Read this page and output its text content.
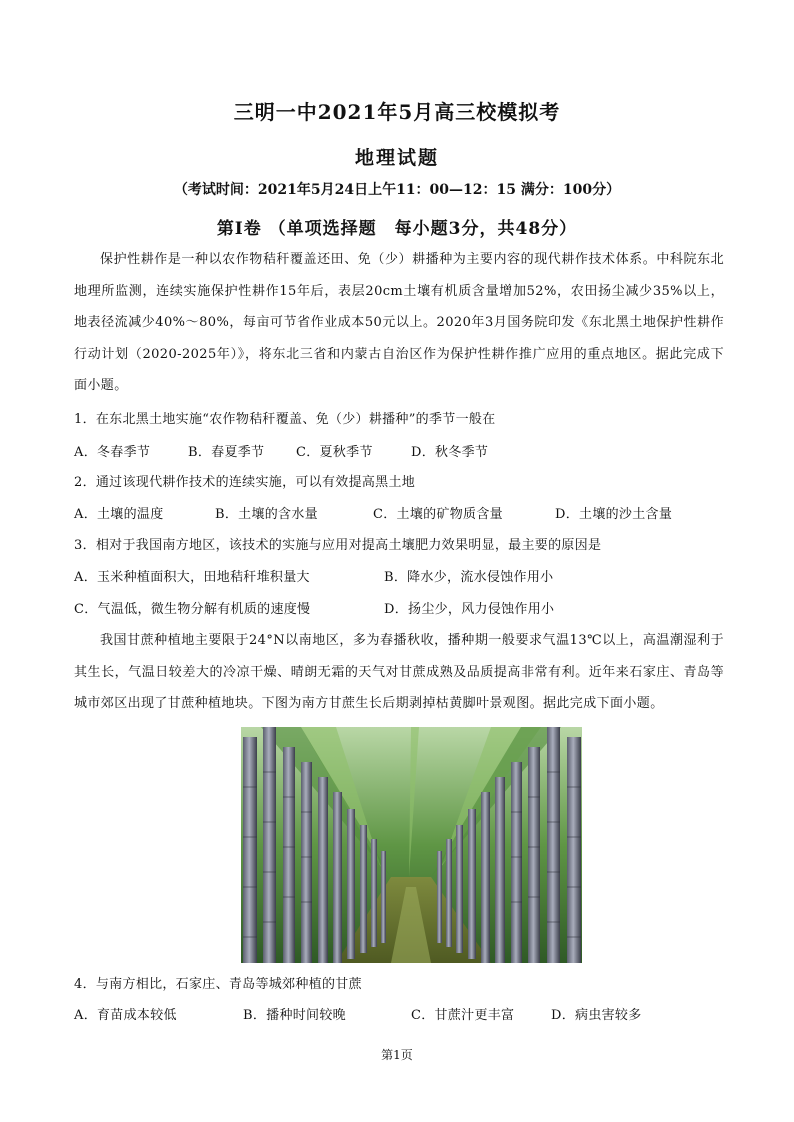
三明一中2021年5月高三校模拟考
地理试题
（考试时间：2021年5月24日上午11：00—12：15 满分：100分）
第Ⅰ卷 （单项选择题　每小题3分，共48分）
保护性耕作是一种以农作物秸秆覆盖还田、免（少）耕播种为主要内容的现代耕作技术体系。中科院东北地理所监测，连续实施保护性耕作15年后，表层20cm土壤有机质含量增加52%，农田扬尘减少35%以上，地表径流减少40%～80%，每亩可节省作业成本50元以上。2020年3月国务院印发《东北黑土地保护性耕作行动计划（2020-2025年）》，将东北三省和内蒙古自治区作为保护性耕作推广应用的重点地区。据此完成下面小题。
1．在东北黑土地实施“农作物秸秆覆盖、免（少）耕播种”的季节一般在
A．冬春季节	B．春夏季节 C．夏秋季节	D．秋冬季节
2．通过该现代耕作技术的连续实施，可以有效提高黑土地
A．土壤的温度	B．土壤的含水量	C．土壤的矿物质含量	D．土壤的沙土含量
3．相对于我国南方地区，该技术的实施与应用对提高土壤肥力效果明显，最主要的原因是
A．玉米种植面积大，田地秸秆堆积量大	B．降水少，流水侵蚀作用小
C．气温低，微生物分解有机质的速度慢	D．扬尘少，风力侵蚀作用小
我国甘蔗种植地主要限于24°N以南地区，多为春播秋收，播种期一般要求气温13℃以上，高温潮湿利于其生长，气温日较差大的冷凉干燥、晴朗无霜的天气对甘蔗成熟及品质提高非常有利。近年来石家庄、青岛等城市郊区出现了甘蔗种植地块。下图为南方甘蔗生长后期剥掉枯黄脚叶景观图。据此完成下面小题。
4．与南方相比，石家庄、青岛等城郊种植的甘蔗
A．育苗成本较低	B．播种时间较晚	C．甘蔗汁更丰富	D．病虫害较多
第1页
